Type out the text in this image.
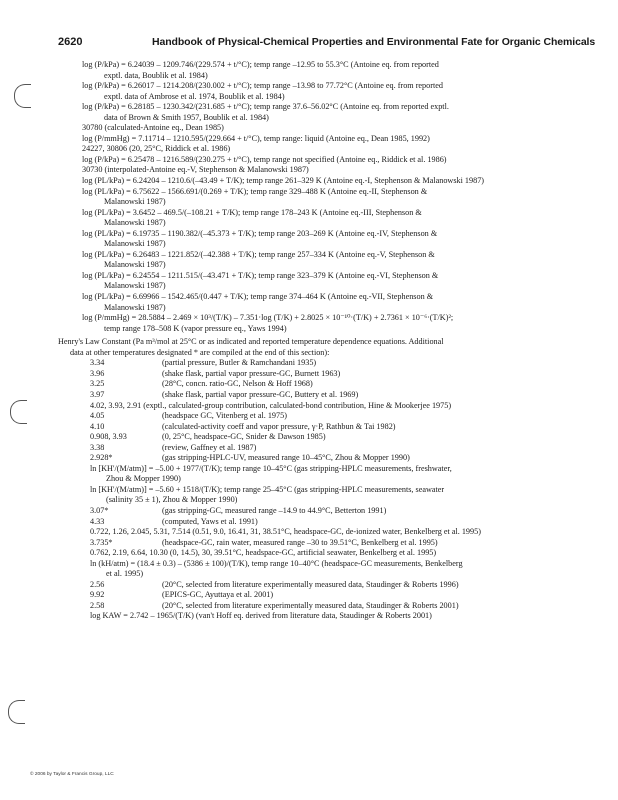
2620	Handbook of Physical-Chemical Properties and Environmental Fate for Organic Chemicals
log (P/kPa) = 6.24039 – 1209.746/(229.574 + t/°C); temp range –12.95 to 55.3°C (Antoine eq. from reported
exptl. data, Boublik et al. 1984)
log (P/kPa) = 6.26017 – 1214.208/(230.002 + t/°C); temp range –13.98 to 77.72°C (Antoine eq. from reported
exptl. data of Ambrose et al. 1974, Boublik et al. 1984)
log (P/kPa) = 6.28185 – 1230.342/(231.685 + t/°C); temp range 37.6–56.02°C (Antoine eq. from reported exptl.
data of Brown & Smith 1957, Boublik et al. 1984)
30780 (calculated-Antoine eq., Dean 1985)
log (P/mmHg) = 7.11714 – 1210.595/(229.664 + t/°C), temp range: liquid (Antoine eq., Dean 1985, 1992)
24227, 30806 (20, 25°C, Riddick et al. 1986)
log (P/kPa) = 6.25478 – 1216.589/(230.275 + t/°C), temp range not specified (Antoine eq., Riddick et al. 1986)
30730 (interpolated-Antoine eq.-V, Stephenson & Malanowski 1987)
log (PL/kPa) = 6.24204 – 1210.6/(–43.49 + T/K); temp range 261–329 K (Antoine eq.-I, Stephenson & Malanowski 1987)
log (PL/kPa) = 6.75622 – 1566.691/(0.269 + T/K); temp range 329–488 K (Antoine eq.-II, Stephenson &
Malanowski 1987)
log (PL/kPa) = 3.6452 – 469.5/(–108.21 + T/K); temp range 178–243 K (Antoine eq.-III, Stephenson &
Malanowski 1987)
log (PL/kPa) = 6.19735 – 1190.382/(–45.373 + T/K); temp range 203–269 K (Antoine eq.-IV, Stephenson &
Malanowski 1987)
log (PL/kPa) = 6.26483 – 1221.852/(–42.388 + T/K); temp range 257–334 K (Antoine eq.-V, Stephenson &
Malanowski 1987)
log (PL/kPa) = 6.24554 – 1211.515/(–43.471 + T/K); temp range 323–379 K (Antoine eq.-VI, Stephenson &
Malanowski 1987)
log (PL/kPa) = 6.69966 – 1542.465/(0.447 + T/K); temp range 374–464 K (Antoine eq.-VII, Stephenson &
Malanowski 1987)
log (P/mmHg) = 28.5884 – 2.469 × 10³/(T/K) – 7.351·log (T/K) + 2.8025 × 10⁻¹⁰·(T/K) + 2.7361 × 10⁻⁶·(T/K)²;
temp range 178–508 K (vapor pressure eq., Yaws 1994)
Henry's Law Constant (Pa m³/mol at 25°C or as indicated and reported temperature dependence equations. Additional
data at other temperatures designated * are compiled at the end of this section):
3.34	(partial pressure, Butler & Ramchandani 1935)
3.96	(shake flask, partial vapor pressure-GC, Burnett 1963)
3.25	(28°C, concn. ratio-GC, Nelson & Hoff 1968)
3.97	(shake flask, partial vapor pressure-GC, Buttery et al. 1969)
4.02, 3.93, 2.91 (exptl., calculated-group contribution, calculated-bond contribution, Hine & Mookerjee 1975)
4.05	(headspace GC, Vitenberg et al. 1975)
4.10	(calculated-activity coeff and vapor pressure, γ·P, Rathbun & Tai 1982)
0.908, 3.93	(0, 25°C, headspace-GC, Snider & Dawson 1985)
3.38	(review, Gaffney et al. 1987)
2.928*	(gas stripping-HPLC-UV, measured range 10–45°C, Zhou & Mopper 1990)
ln [KH'/(M/atm)] = –5.00 + 1977/(T/K); temp range 10–45°C (gas stripping-HPLC measurements, freshwater,
Zhou & Mopper 1990)
ln [KH'/(M/atm)] = –5.60 + 1518/(T/K); temp range 25–45°C (gas stripping-HPLC measurements, seawater
(salinity 35 ± 1), Zhou & Mopper 1990)
3.07*	(gas stripping-GC, measured range –14.9 to 44.9°C, Betterton 1991)
4.33	(computed, Yaws et al. 1991)
0.722, 1.26, 2.045, 5.31, 7.514 (0.51, 9.0, 16.41, 31, 38.51°C, headspace-GC, de-ionized water, Benkelberg et al. 1995)
3.735*	(headspace-GC, rain water, measured range –30 to 39.51°C, Benkelberg et al. 1995)
0.762, 2.19, 6.64, 10.30 (0, 14.5), 30, 39.51°C, headspace-GC, artificial seawater, Benkelberg et al. 1995)
ln (kH/atm) = (18.4 ± 0.3) – (5386 ± 100)/(T/K), temp range 10–40°C (headspace-GC measurements, Benkelberg
et al. 1995)
2.56	(20°C, selected from literature experimentally measured data, Staudinger & Roberts 1996)
9.92	(EPICS-GC, Ayuttaya et al. 2001)
2.58	(20°C, selected from literature experimentally measured data, Staudinger & Roberts 2001)
log KAW = 2.742 – 1965/(T/K) (van't Hoff eq. derived from literature data, Staudinger & Roberts 2001)
© 2006 by Taylor & Francis Group, LLC
